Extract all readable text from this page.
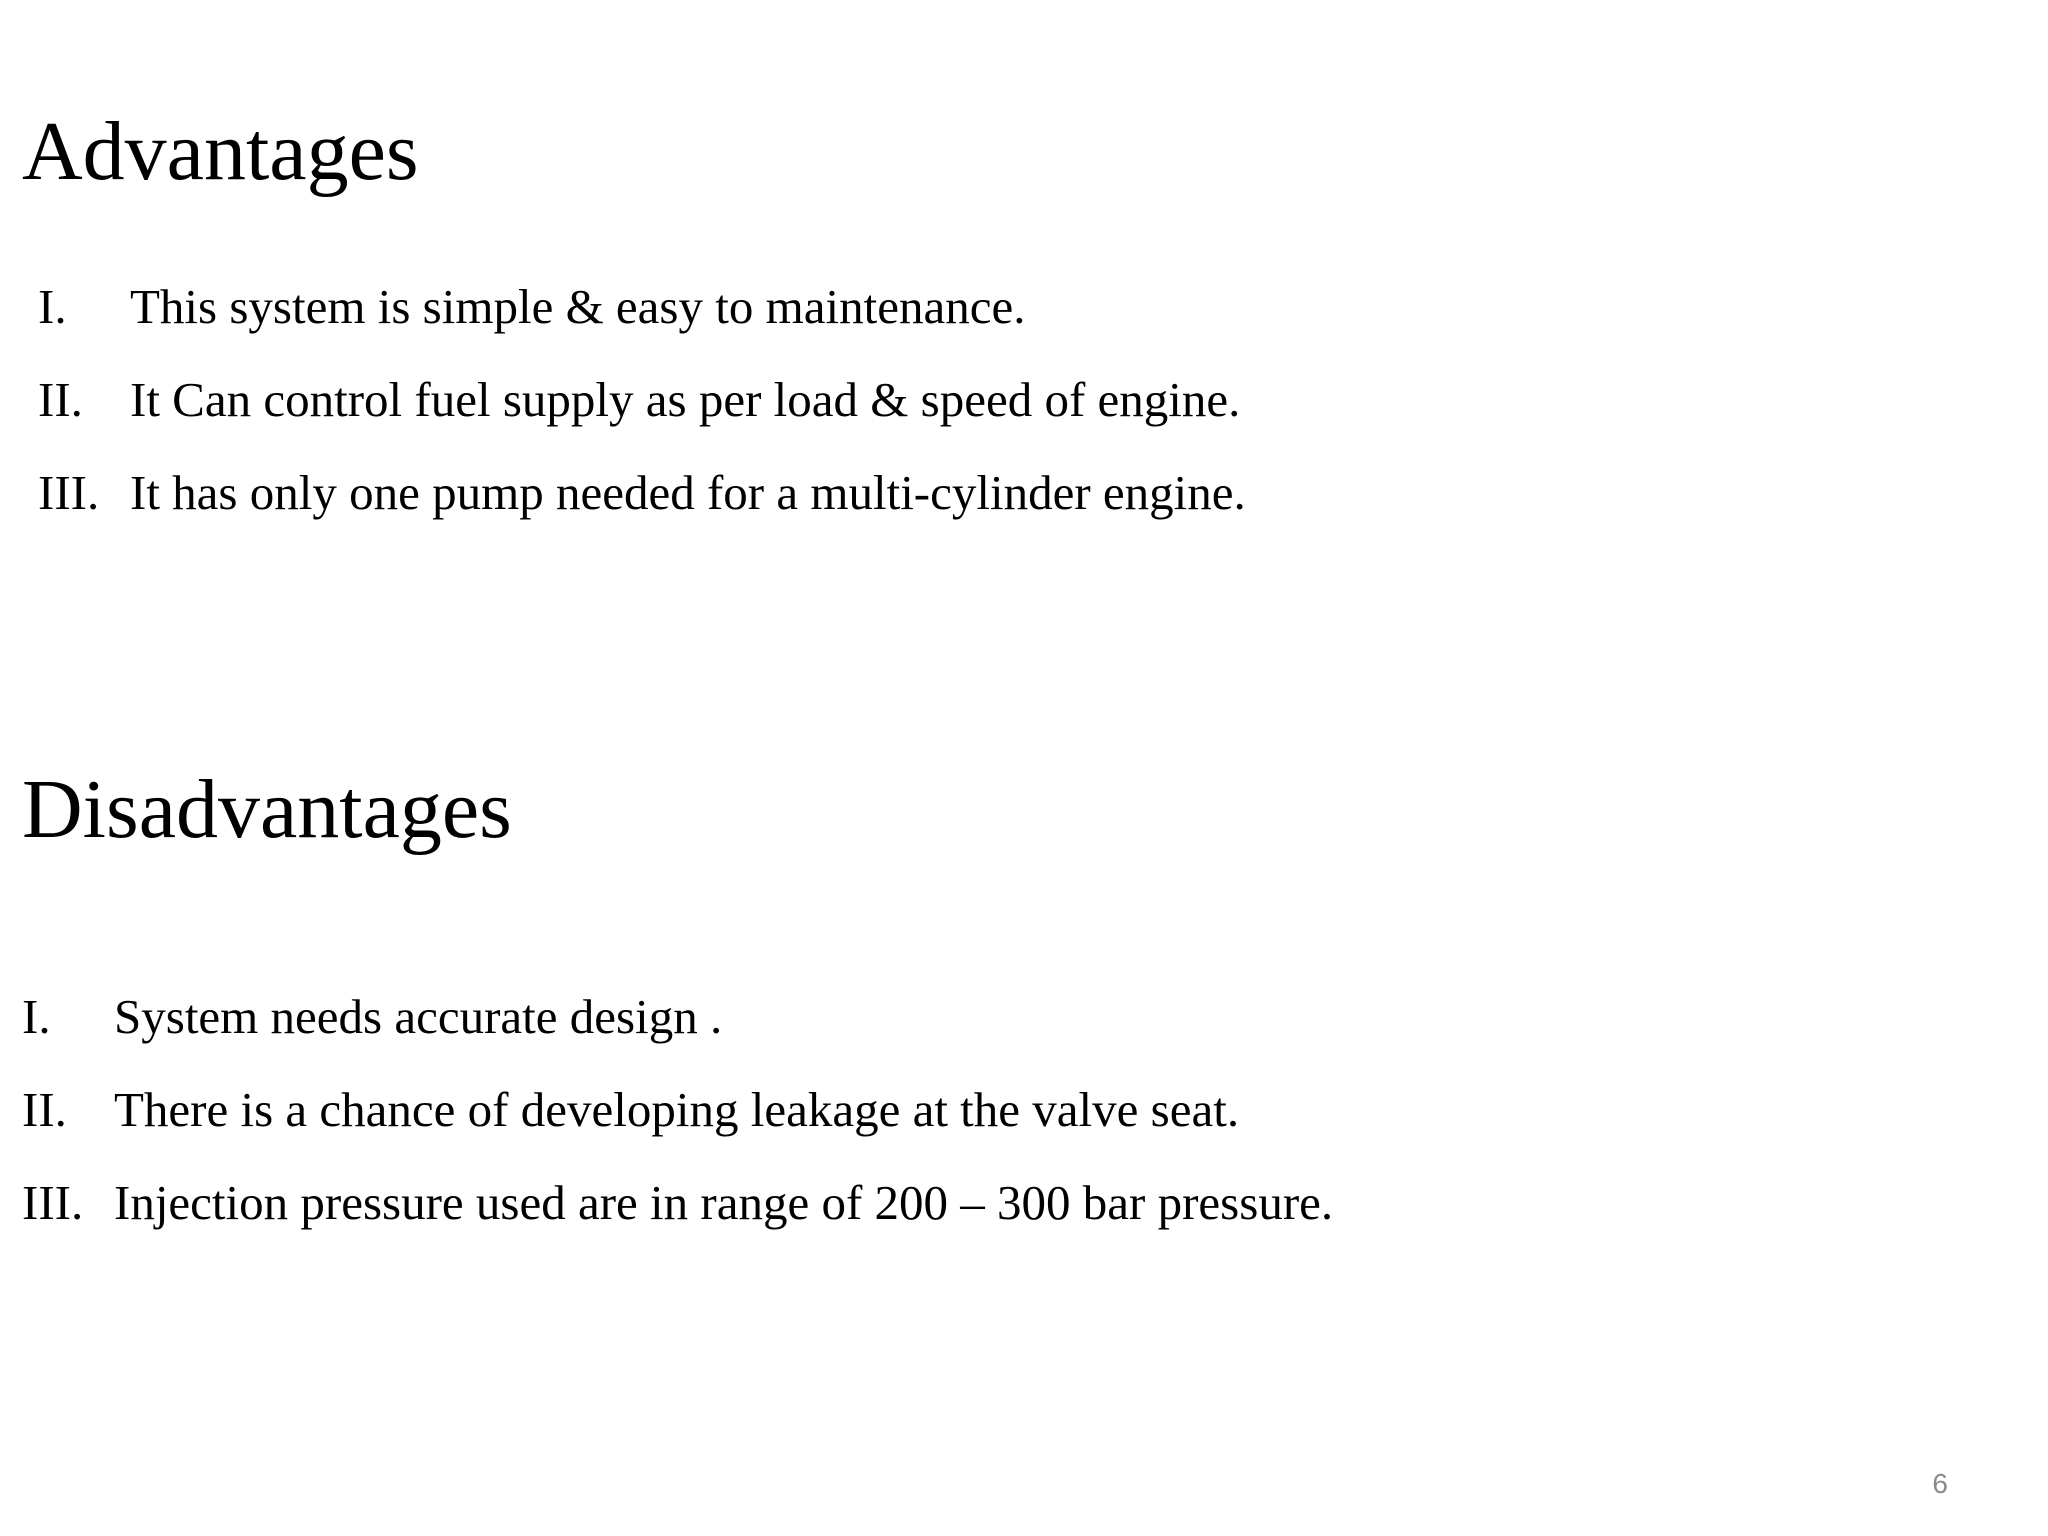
Advantages
I. This system is simple & easy to maintenance.
II. It Can control fuel supply as per load & speed of engine.
III. It has only one pump needed for a multi-cylinder engine.
Disadvantages
I. System needs accurate design .
II. There is a chance of developing leakage at the valve seat.
III. Injection pressure used are in range of 200 – 300 bar pressure.
6
